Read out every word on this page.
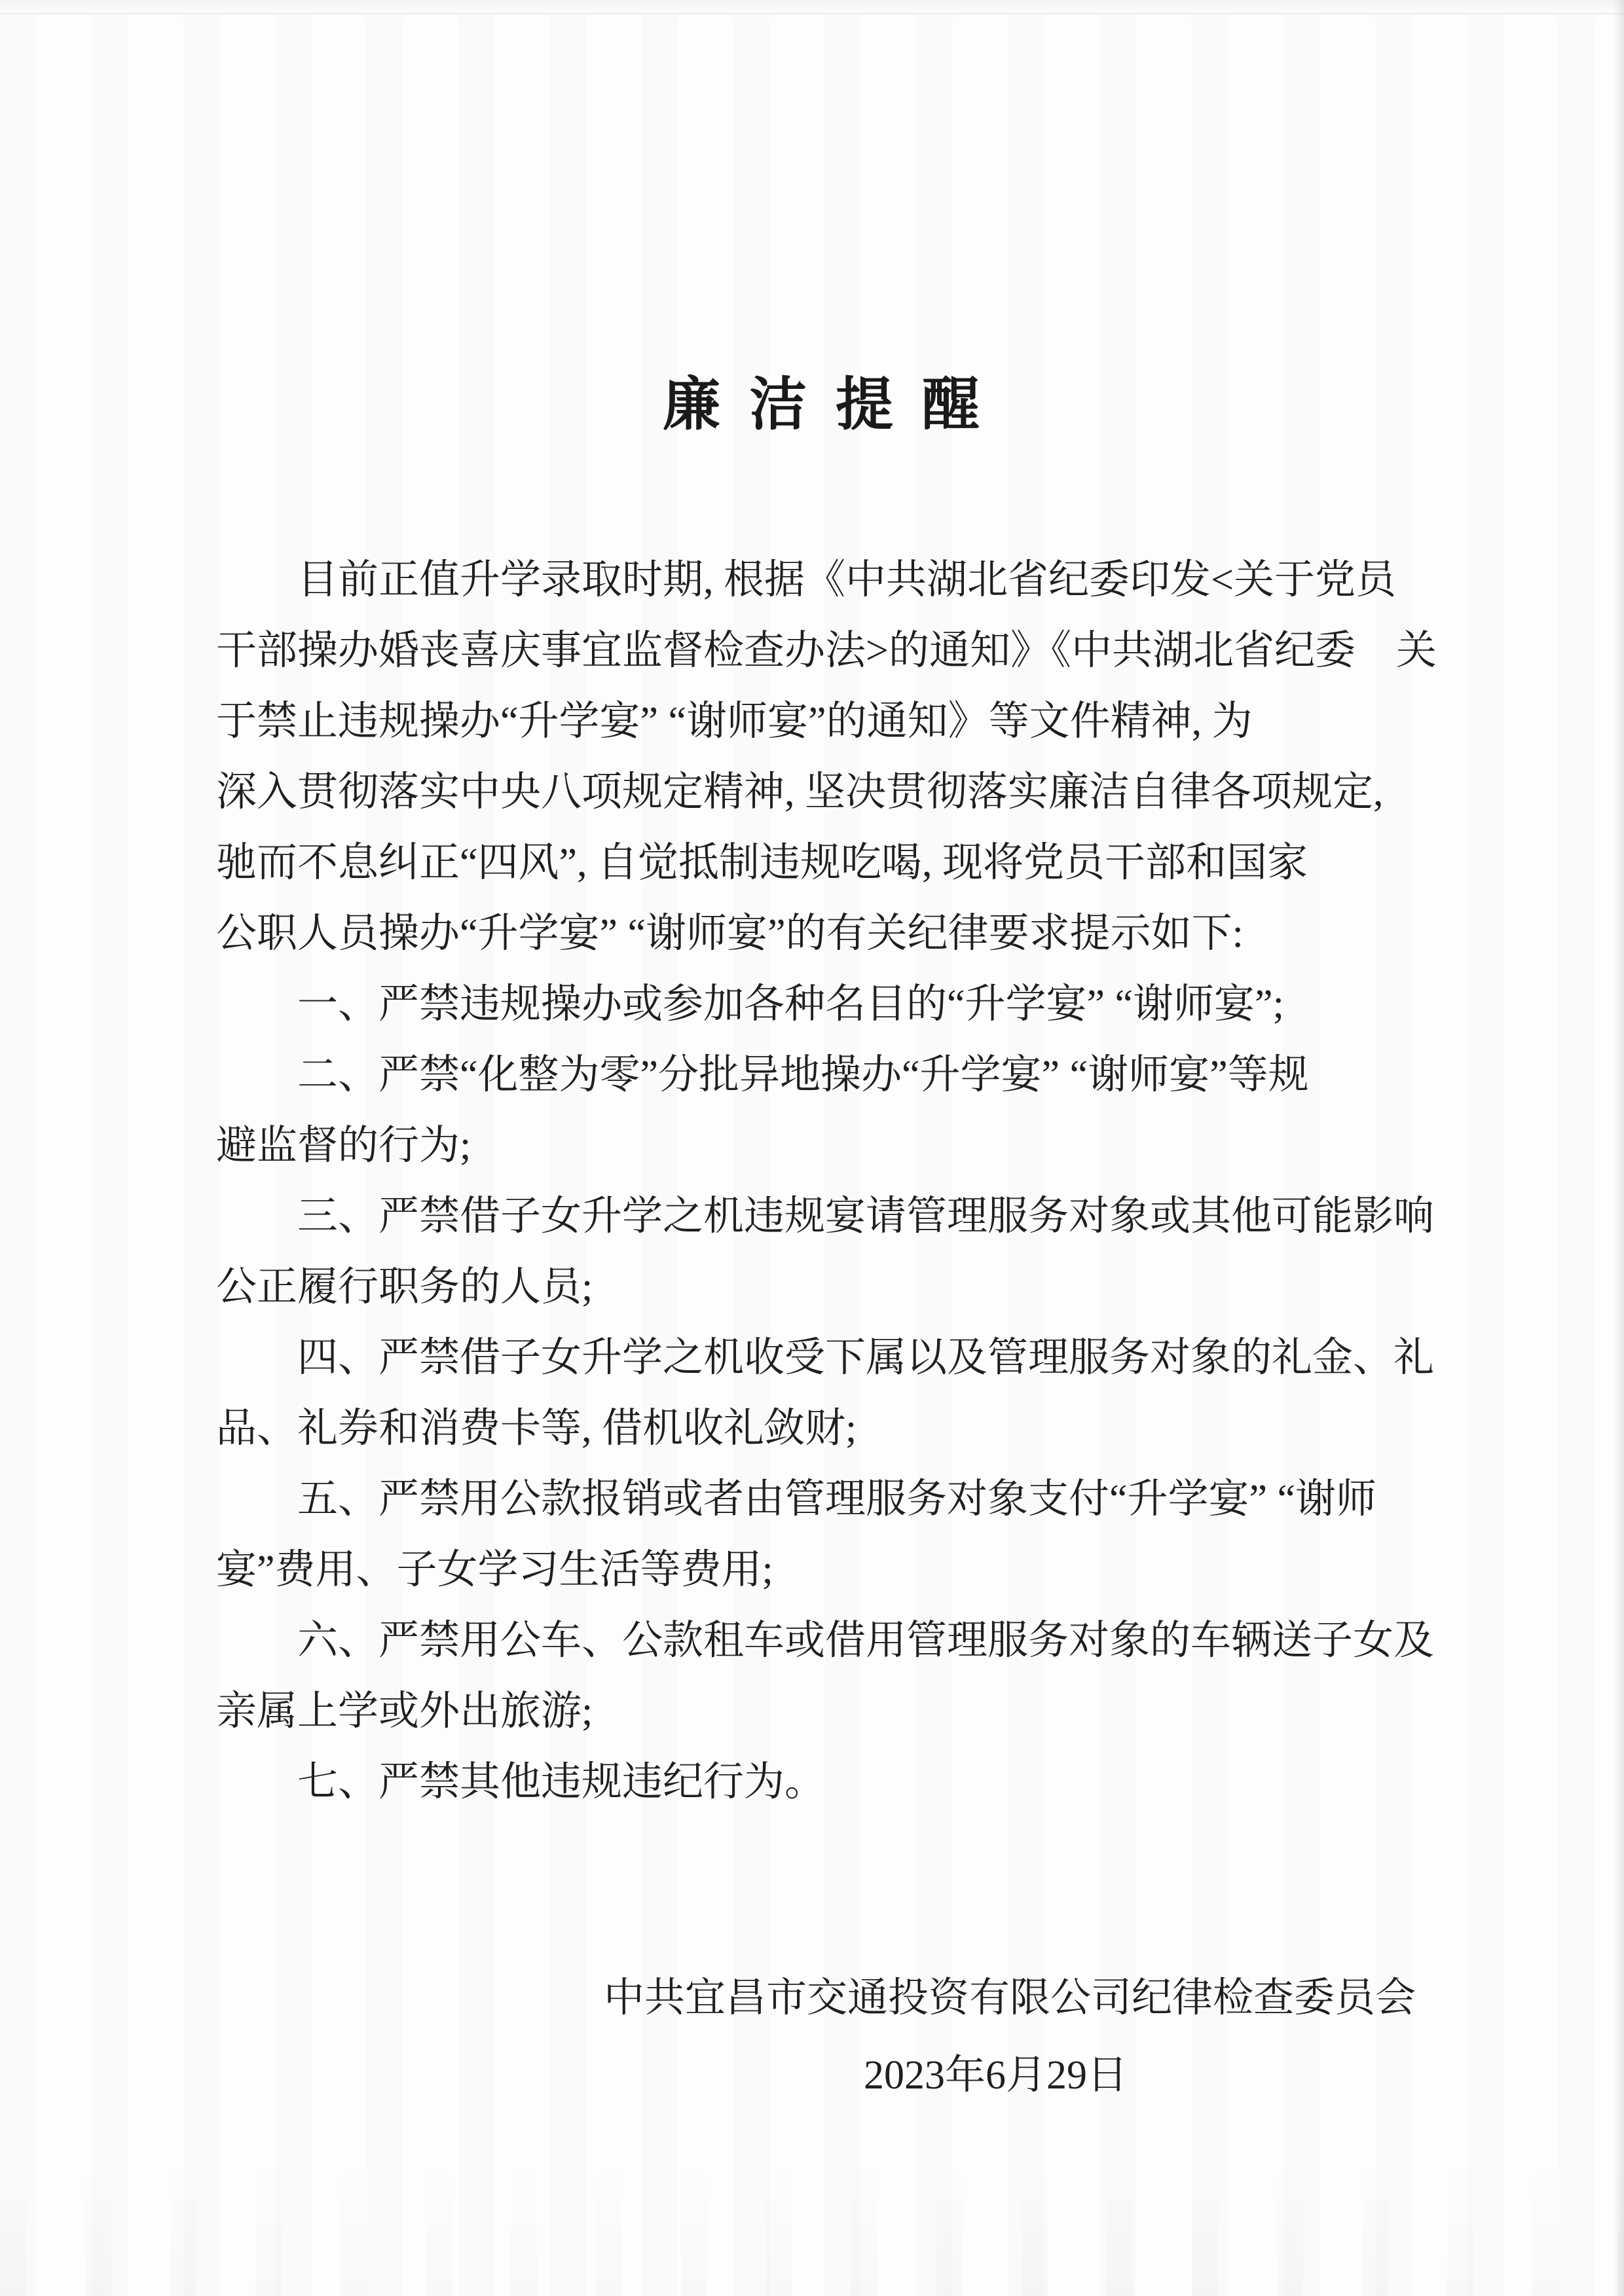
廉洁提醒
目前正值升学录取时期, 根据《中共湖北省纪委印发<关于党员
干部操办婚丧喜庆事宜监督检查办法>的通知》《中共湖北省纪委　关
于禁止违规操办“升学宴” “谢师宴”的通知》等文件精神, 为
深入贯彻落实中央八项规定精神, 坚决贯彻落实廉洁自律各项规定,
驰而不息纠正“四风”, 自觉抵制违规吃喝, 现将党员干部和国家
公职人员操办“升学宴” “谢师宴”的有关纪律要求提示如下:
一、严禁违规操办或参加各种名目的“升学宴” “谢师宴”;
二、严禁“化整为零”分批异地操办“升学宴” “谢师宴”等规
避监督的行为;
三、严禁借子女升学之机违规宴请管理服务对象或其他可能影响
公正履行职务的人员;
四、严禁借子女升学之机收受下属以及管理服务对象的礼金、礼
品、礼券和消费卡等, 借机收礼敛财;
五、严禁用公款报销或者由管理服务对象支付“升学宴” “谢师
宴”费用、子女学习生活等费用;
六、严禁用公车、公款租车或借用管理服务对象的车辆送子女及
亲属上学或外出旅游;
七、严禁其他违规违纪行为。
中共宜昌市交通投资有限公司纪律检查委员会
2023年6月29日
